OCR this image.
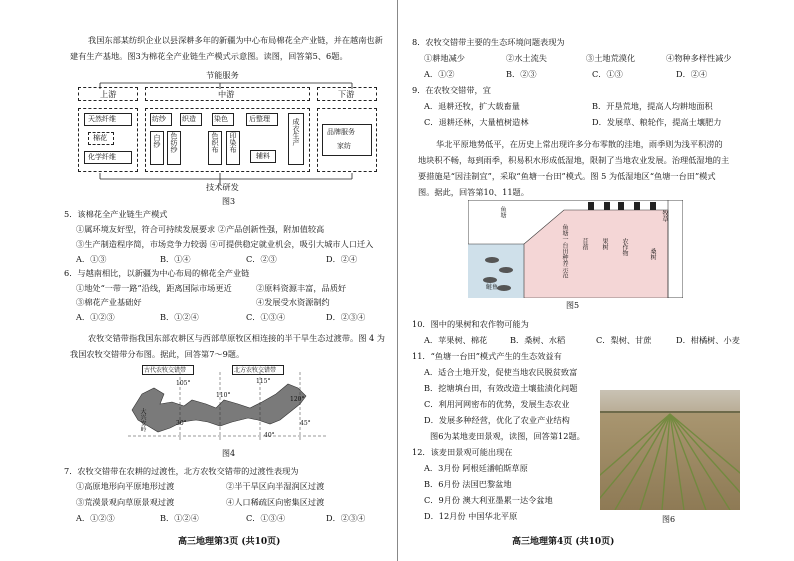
我国东部某纺织企业以县深耕多年的新疆为中心布局棉花全产业链，并在越南也新
建有生产基地。图3为棉花全产业链生产模式示意图。读图，回答第5、6题。
节能服务
上游
天然纤维
棉花
化学纤维
中游
纺纱 织造	染色	后整理
白纱 色纺纱	色织布 印染布
辅料
成衣生产
下游
品牌服务
家纺
技术研发
图3
5．该棉花全产业链生产模式
①属环境友好型，符合可持续发展要求 ②产品创新性强，附加值较高
③生产制造程序简，市场竞争力较弱 ④可提供稳定就业机会，吸引大城市人口迁入
A．①③	B．①④	C．②③	D．②④
6．与越南相比，以新疆为中心布局的棉花全产业链
①地处“一带一路”沿线，距离国际市场更近	②原料资源丰富，品质好
③棉花产业基础好	④发展受水资源制约
A．①②③	B．①②④	C．①③④	D．②③④
农牧交错带指我国东部农耕区与西部草原牧区相连接的半干旱生态过渡带。图 4 为
我国农牧交错带分布图。据此，回答第7～9题。
古代农牧交错带	北方农牧交错带
105°
110°
115°
120°
45°
40°
30°
大兴安岭
图4
7．农牧交错带在农耕的过渡性，北方农牧交错带的过渡性表现为
①高原地形向平原地形过渡	②半干旱区向半湿润区过渡
③荒漠景观向草原景观过渡	④人口稀疏区向密集区过渡
A．①②③	B．①②④	C．①③④	D．②③④
高三地理第3页 (共10页)
8．农牧交错带主要的生态环境问题表现为
①耕地减少	②水土流失	③土地荒漠化	④物种多样性减少
A．①②	B．②③	C．①③	D．②④
9．在农牧交错带，宜
A．退耕还牧，扩大载畜量	B．开垦荒地，提高人均耕地面积
C．退耕还林，大量植树造林	D．发展草、粮轮作，提高土壤肥力
华北平原地势低平，在历史上常出现许多分布零散的洼地，雨季则为浅平积涝的
地块积不畅，每到雨季，积易积水形成低湿地，限制了当地农业发展。治理低湿地的主
要措施是“因洼制宜”，采取“鱼塘一台田”模式。图 5 为低湿地区“鱼塘一台田”模式
图。据此，回答第10、11题。
鱼塘
鱼塘一台田种养示范 苜蓿 果树 农作物	桑树
牧草
鲢鱼
图5
10．图中的果树和农作物可能为
A．苹果树、棉花	B．桑树、水稻	C．梨树、甘蔗	D．柑橘树、小麦
11．“鱼塘一台田”模式产生的生态效益有
A．适合土地开发，促使当地农民脱贫致富
B．挖塘填台田，有效改造土壤盐渍化问题
C．利用河网密布的优势，发展生态农业
D．发展多种经营，优化了农业产业结构
图6为某地麦田景观，读图，回答第12题。
12．该麦田景观可能出现在
A．3月份 阿根廷潘帕斯草原
B．6月份 法国巴黎盆地
C．9月份 澳大利亚墨累一达令盆地
D．12月份 中国华北平原	图6
高三地理第4页 (共10页)
